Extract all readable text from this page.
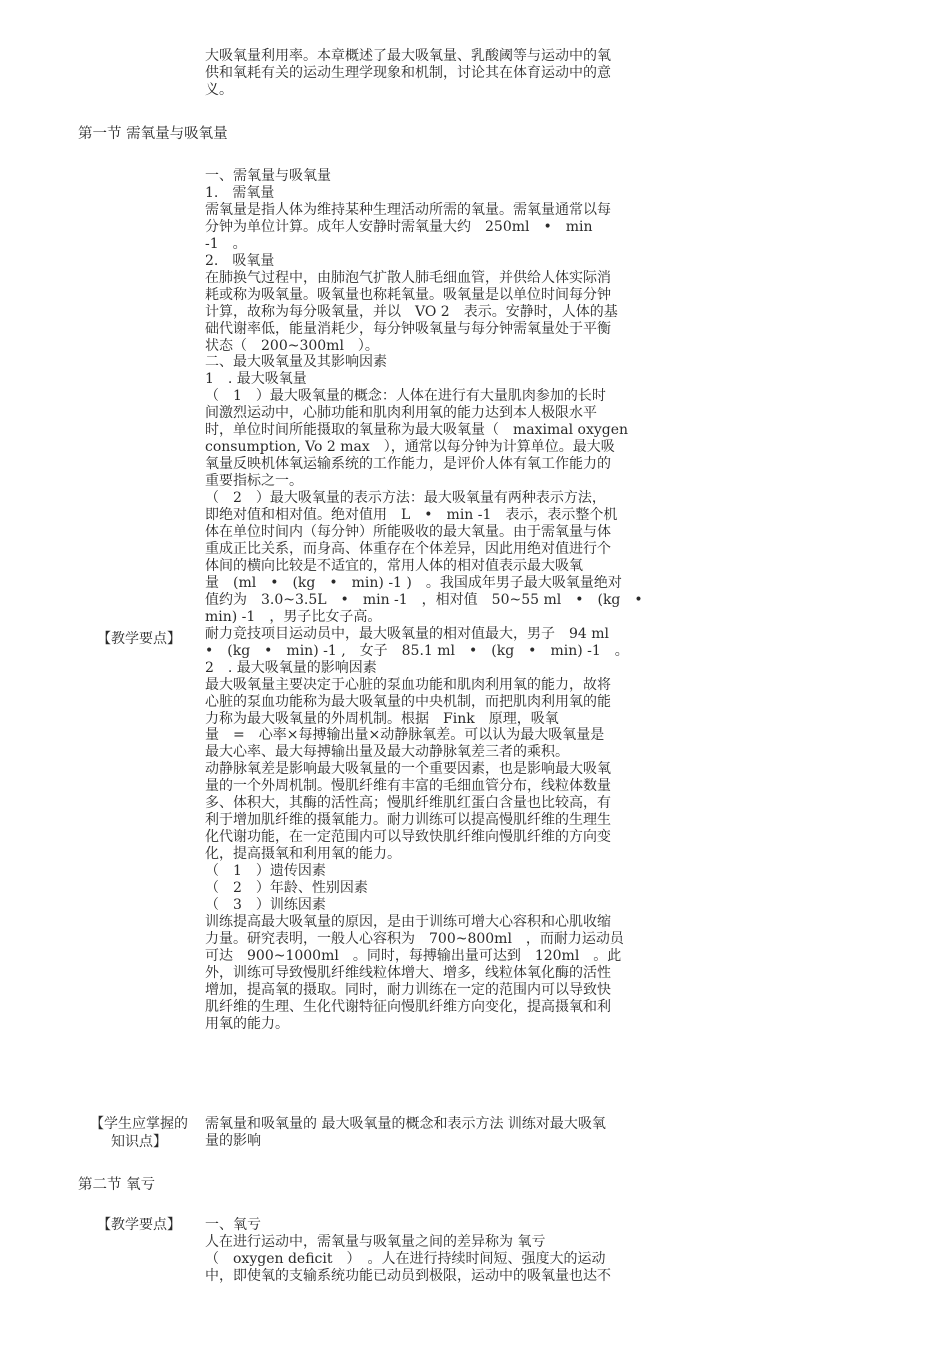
大吸氧量利用率。本章概述了最大吸氧量、乳酸阈等与运动中的氧
供和氧耗有关的运动生理学现象和机制，讨论其在体育运动中的意
义。
第一节 需氧量与吸氧量
一、需氧量与吸氧量
1.　需氧量
需氧量是指人体为维持某种生理活动所需的氧量。需氧量通常以每
分钟为单位计算。成年人安静时需氧量大约　250ml　•　min
-1　。
2.　吸氧量
在肺换气过程中，由肺泡气扩散人肺毛细血管，并供给人体实际消
耗或称为吸氧量。吸氧量也称耗氧量。吸氧量是以单位时间每分钟
计算，故称为每分吸氧量，并以　VO 2　表示。安静时，人体的基
础代谢率低，能量消耗少，每分钟吸氧量与每分钟需氧量处于平衡
状态（　200~300ml　）。
二、最大吸氧量及其影响因素
1　. 最大吸氧量
（　1　）最大吸氧量的概念：人体在进行有大量肌肉参加的长时
间激烈运动中，心肺功能和肌肉利用氧的能力达到本人极限水平
时，单位时间所能摄取的氧量称为最大吸氧量（　maximal oxygen
consumption, Vo 2 max　），通常以每分钟为计算单位。最大吸
氧量反映机体氧运输系统的工作能力，是评价人体有氧工作能力的
重要指标之一。
（　2　）最大吸氧量的表示方法：最大吸氧量有两种表示方法，
即绝对值和相对值。绝对值用　L　•　min -1　表示，表示整个机
体在单位时间内（每分钟）所能吸收的最大氧量。由于需氧量与体
重成正比关系，而身高、体重存在个体差异，因此用绝对值进行个
体间的横向比较是不适宜的，常用人体的相对值表示最大吸氧
量　(ml　•　(kg　•　min) -1 )　。我国成年男子最大吸氧量绝对
值约为　3.0~3.5L　•　min -1　，相对值　50~55 ml　•　(kg　•
min) -1　，男子比女子高。
耐力竞技项目运动员中，最大吸氧量的相对值最大，男子　94 ml
•　(kg　•　min) -1 ,　女子　85.1 ml　•　(kg　•　min) -1　。
2　. 最大吸氧量的影响因素
最大吸氧量主要决定于心脏的泵血功能和肌肉利用氧的能力，故将
心脏的泵血功能称为最大吸氧量的中央机制，而把肌肉利用氧的能
力称为最大吸氧量的外周机制。根据　Fink　原理，吸氧
量　=　心率×每搏输出量×动静脉氧差。可以认为最大吸氧量是
最大心率、最大每搏输出量及最大动静脉氧差三者的乘积。
动静脉氧差是影响最大吸氧量的一个重要因素，也是影响最大吸氧
量的一个外周机制。慢肌纤维有丰富的毛细血管分布，线粒体数量
多、体积大，其酶的活性高；慢肌纤维肌红蛋白含量也比较高，有
利于增加肌纤维的摄氧能力。耐力训练可以提高慢肌纤维的生理生
化代谢功能，在一定范围内可以导致快肌纤维向慢肌纤维的方向变
化，提高摄氧和利用氧的能力。
（　1　）遗传因素
（　2　）年龄、性别因素
（　3　）训练因素
训练提高最大吸氧量的原因，是由于训练可增大心容积和心肌收缩
力量。研究表明，一般人心容积为　700~800ml　，而耐力运动员
可达　900~1000ml　。同时，每搏输出量可达到　120ml　。此
外，训练可导致慢肌纤维线粒体增大、增多，线粒体氧化酶的活性
增加，提高氧的摄取。同时，耐力训练在一定的范围内可以导致快
肌纤维的生理、生化代谢特征向慢肌纤维方向变化，提高摄氧和利
用氧的能力。
【教学要点】
【学生应掌握的
知识点】
需氧量和吸氧量的 最大吸氧量的概念和表示方法 训练对最大吸氧
量的影响
第二节 氧亏
【教学要点】	一、氧亏
人在进行运动中，需氧量与吸氧量之间的差异称为 氧亏
（　oxygen deficit　）　。人在进行持续时间短、强度大的运动
中，即使氧的支输系统功能已动员到极限，运动中的吸氧量也达不
